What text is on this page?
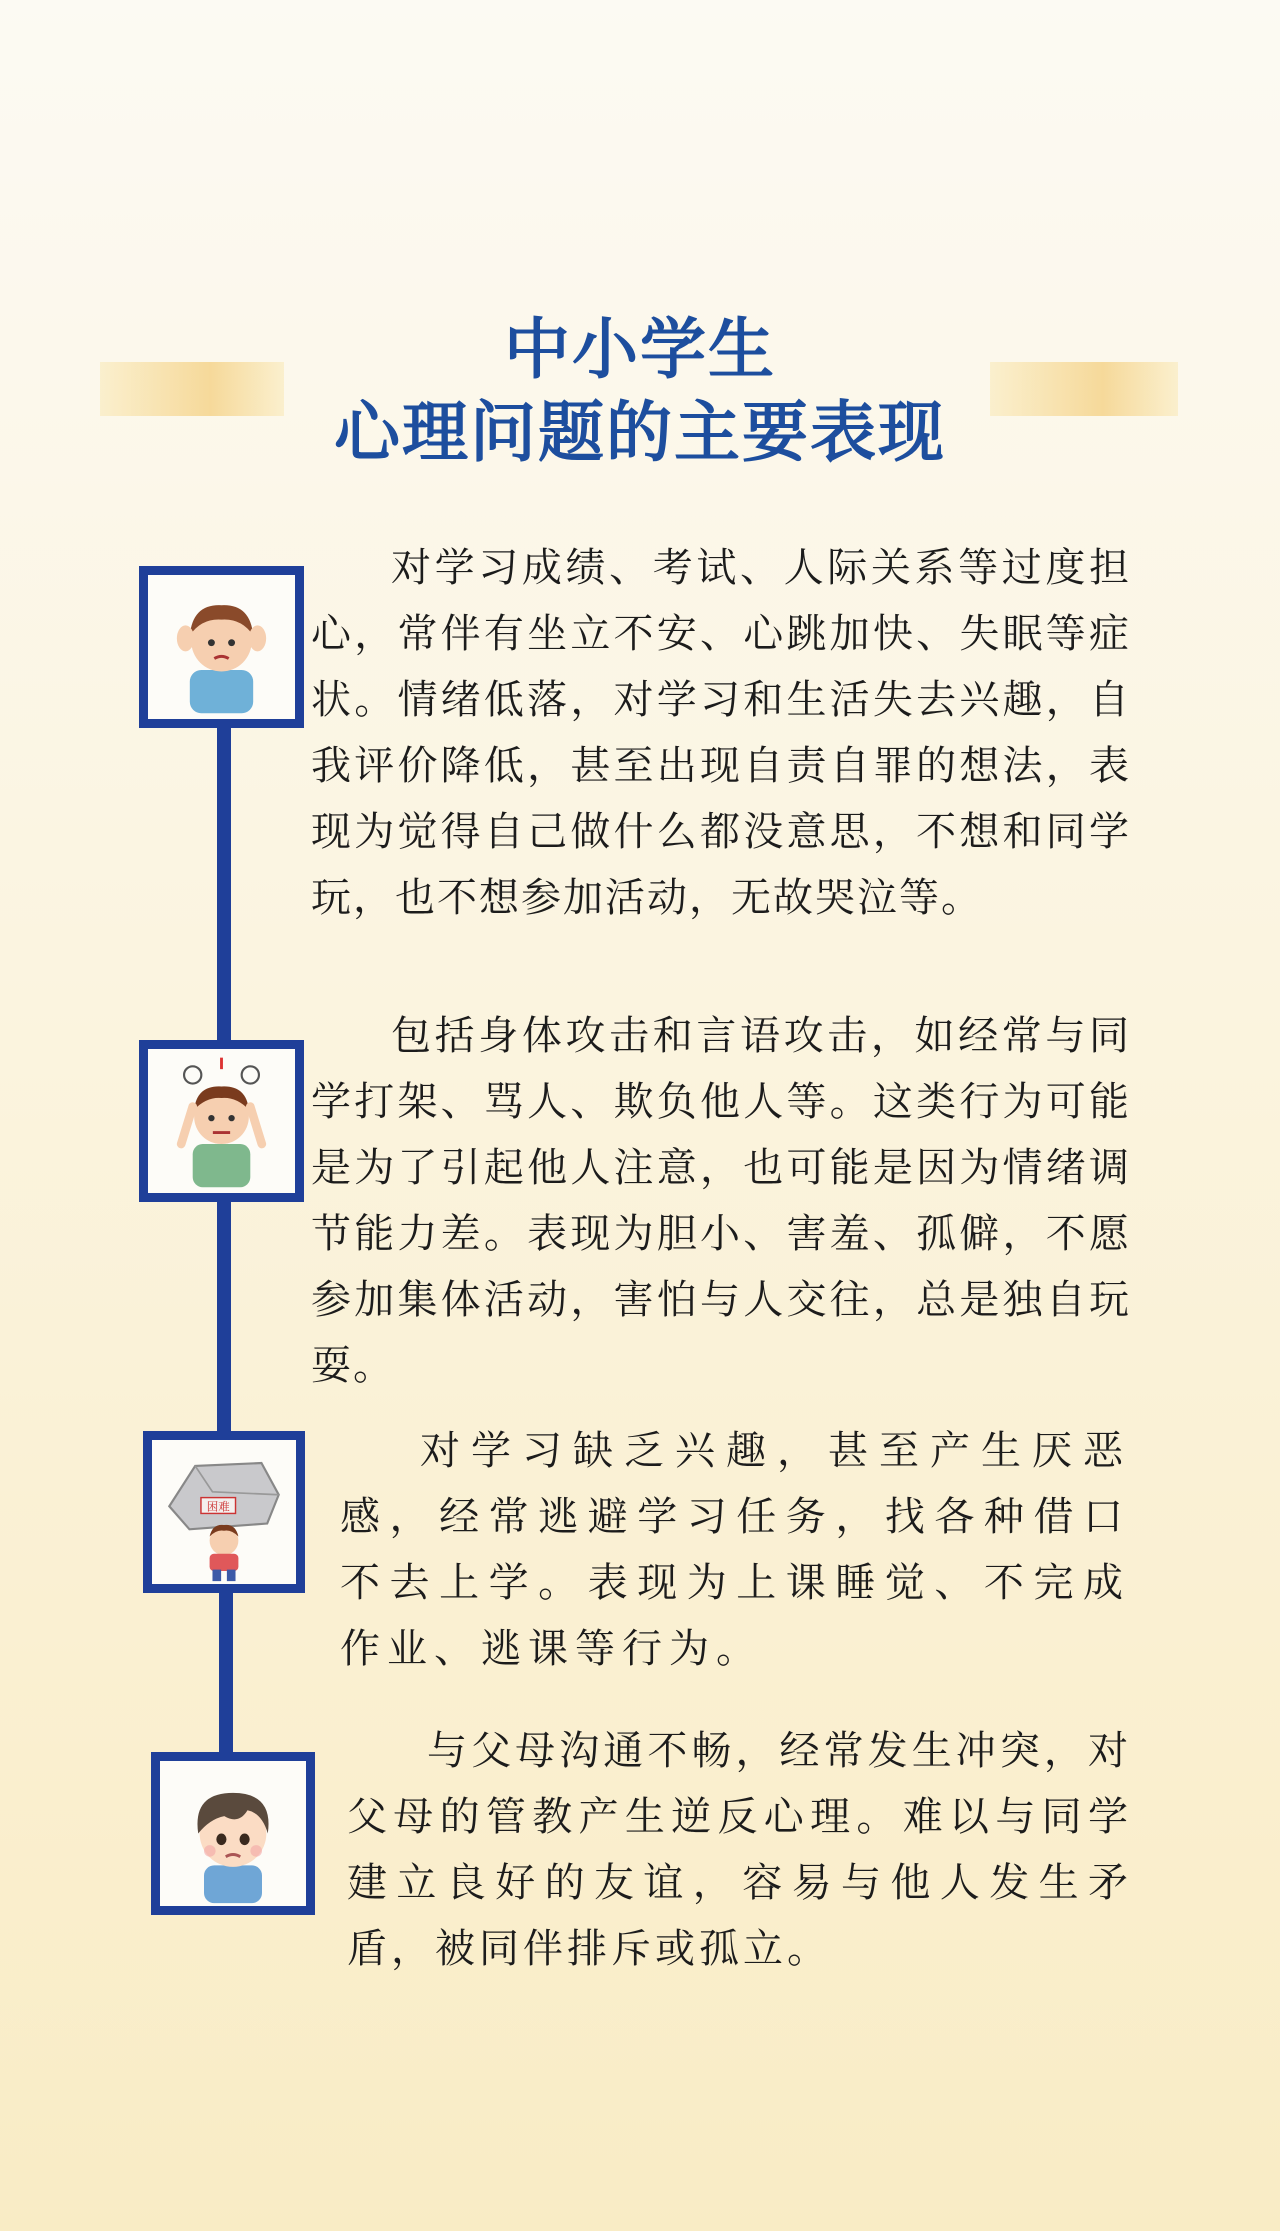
中小学生
心理问题的主要表现

对学习成绩、考试、人际关系等过度担心，常伴有坐立不安、心跳加快、失眠等症状。情绪低落，对学习和生活失去兴趣，自我评价降低，甚至出现自责自罪的想法，表现为觉得自己做什么都没意思，不想和同学玩，也不想参加活动，无故哭泣等。

包括身体攻击和言语攻击，如经常与同学打架、骂人、欺负他人等。这类行为可能是为了引起他人注意，也可能是因为情绪调节能力差。表现为胆小、害羞、孤僻，不愿参加集体活动，害怕与人交往，总是独自玩耍。

困难

对学习缺乏兴趣，甚至产生厌恶感，经常逃避学习任务，找各种借口不去上学。表现为上课睡觉、不完成作业、逃课等行为。

与父母沟通不畅，经常发生冲突，对父母的管教产生逆反心理。难以与同学建立良好的友谊，容易与他人发生矛盾，被同伴排斥或孤立。
